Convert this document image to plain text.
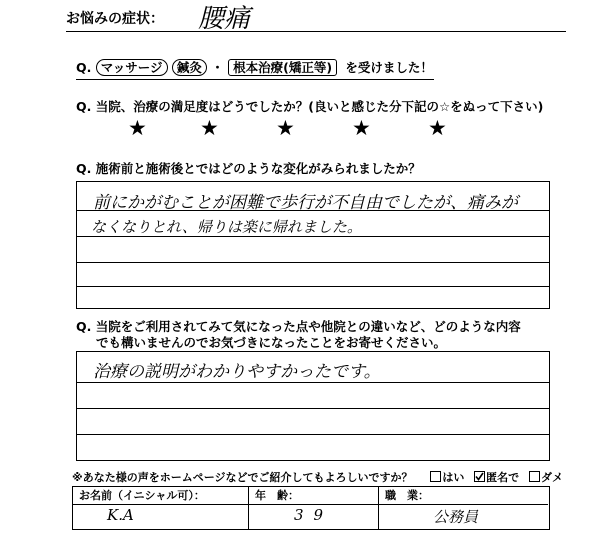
お悩みの症状： 腰痛
Q. マッサージ 鍼灸 ・ 根本治療(矯正等) を受けました！
Q. 当院、治療の満足度はどうでしたか？(良いと感じた分下記の☆をぬって下さい)
★	★	★	★	★
Q. 施術前と施術後とではどのような変化がみられましたか？
前にかがむことが困難で歩行が不自由でしたが、痛みが
なくなりとれ、帰りは楽に帰れました。
Q. 当院をご利用されてみて気になった点や他院との違いなど、どのような内容
でも構いませんのでお気づきになったことをお寄せください。
治療の説明がわかりやすかったです。
※あなた様の声をホームページなどでご紹介してもよろしいですか？	はい 匿名で ダメ
お名前（イニシャル可）：
K.A
年　齢：
39
職　業：
公務員
